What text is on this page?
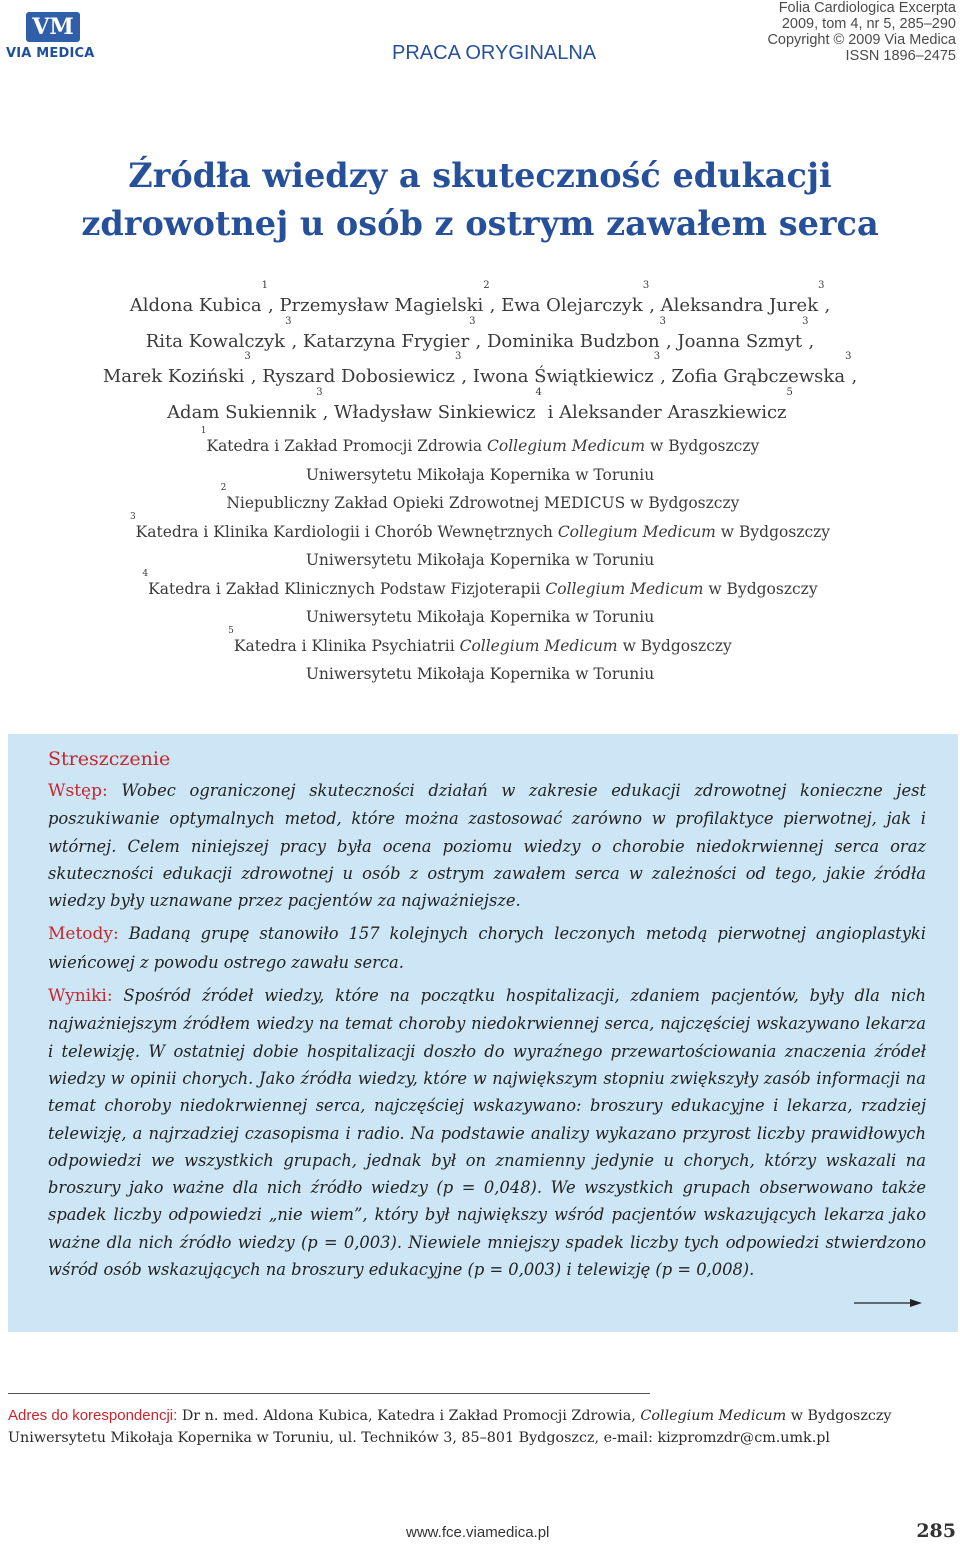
VM
VIA MEDICA	PRACA ORYGINALNA
Folia Cardiologica Excerpta
2009, tom 4, nr 5, 285–290
Copyright © 2009 Via Medica
ISSN 1896–2475
Źródła wiedzy a skuteczność edukacji
zdrowotnej u osób z ostrym zawałem serca
Aldona Kubica$^1$, Przemysław Magielski$^2$, Ewa Olejarczyk$^3$, Aleksandra Jurek$^3$,
Rita Kowalczyk$^3$, Katarzyna Frygier$^3$, Dominika Budzbon$^3$, Joanna Szmyt$^3$,
Marek Koziński$^3$, Ryszard Dobosiewicz$^3$, Iwona Świątkiewicz$^3$, Zofia Grąbczewska$^3$,
Adam Sukiennik$^3$, Władysław Sinkiewicz$^4$ i Aleksander Araszkiewicz$^5$
$^1$Katedra i Zakład Promocji Zdrowia Collegium Medicum w Bydgoszczy
Uniwersytetu Mikołaja Kopernika w Toruniu
$^2$Niepubliczny Zakład Opieki Zdrowotnej MEDICUS w Bydgoszczy
$^3$Katedra i Klinika Kardiologii i Chorób Wewnętrznych Collegium Medicum w Bydgoszczy
Uniwersytetu Mikołaja Kopernika w Toruniu
$^4$Katedra i Zakład Klinicznych Podstaw Fizjoterapii Collegium Medicum w Bydgoszczy
Uniwersytetu Mikołaja Kopernika w Toruniu
$^5$Katedra i Klinika Psychiatrii Collegium Medicum w Bydgoszczy
Uniwersytetu Mikołaja Kopernika w Toruniu
Streszczenie
Wstęp: Wobec ograniczonej skuteczności działań w zakresie edukacji zdrowotnej konieczne jest poszukiwanie optymalnych metod, które można zastosować zarówno w profilaktyce pierwotnej, jak i wtórnej. Celem niniejszej pracy była ocena poziomu wiedzy o chorobie niedokrwiennej serca oraz skuteczności edukacji zdrowotnej u osób z ostrym zawałem serca w zależności od tego, jakie źródła wiedzy były uznawane przez pacjentów za najważniejsze.
Metody: Badaną grupę stanowiło 157 kolejnych chorych leczonych metodą pierwotnej angioplastyki wieńcowej z powodu ostrego zawału serca.
Wyniki: Spośród źródeł wiedzy, które na początku hospitalizacji, zdaniem pacjentów, były dla nich najważniejszym źródłem wiedzy na temat choroby niedokrwiennej serca, najczęściej wskazywano lekarza i telewizję. W ostatniej dobie hospitalizacji doszło do wyraźnego przewartościowania znaczenia źródeł wiedzy w opinii chorych. Jako źródła wiedzy, które w największym stopniu zwiększyły zasób informacji na temat choroby niedokrwiennej serca, najczęściej wskazywano: broszury edukacyjne i lekarza, rzadziej telewizję, a najrzadziej czasopisma i radio. Na podstawie analizy wykazano przyrost liczby prawidłowych odpowiedzi we wszystkich grupach, jednak był on znamienny jedynie u chorych, którzy wskazali na broszury jako ważne dla nich źródło wiedzy (p = 0,048). We wszystkich grupach obserwowano także spadek liczby odpowiedzi „nie wiem”, który był największy wśród pacjentów wskazujących lekarza jako ważne dla nich źródło wiedzy (p = 0,003). Niewiele mniejszy spadek liczby tych odpowiedzi stwierdzono wśród osób wskazujących na broszury edukacyjne (p = 0,003) i telewizję (p = 0,008).
Adres do korespondencji: Dr n. med. Aldona Kubica, Katedra i Zakład Promocji Zdrowia, Collegium Medicum w Bydgoszczy
Uniwersytetu Mikołaja Kopernika w Toruniu, ul. Techników 3, 85–801 Bydgoszcz, e-mail: kizpromzdr@cm.umk.pl
www.fce.viamedica.pl	285
